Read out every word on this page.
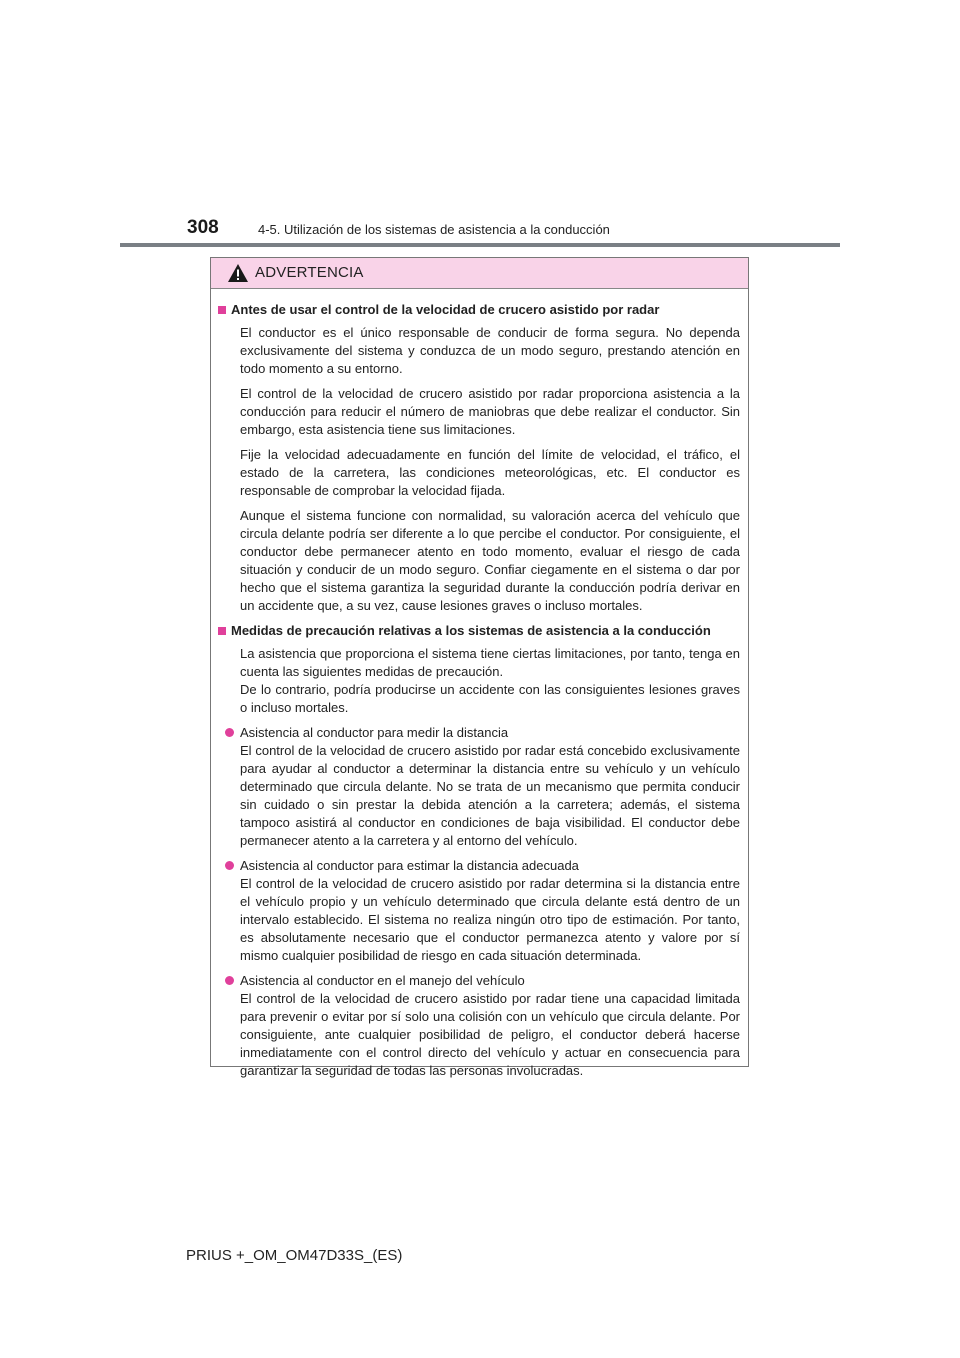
308	4-5. Utilización de los sistemas de asistencia a la conducción
ADVERTENCIA
Antes de usar el control de la velocidad de crucero asistido por radar

El conductor es el único responsable de conducir de forma segura. No dependa exclusivamente del sistema y conduzca de un modo seguro, prestando atención en todo momento a su entorno.

El control de la velocidad de crucero asistido por radar proporciona asistencia a la conducción para reducir el número de maniobras que debe realizar el conductor. Sin embargo, esta asistencia tiene sus limitaciones.

Fije la velocidad adecuadamente en función del límite de velocidad, el tráfico, el estado de la carretera, las condiciones meteorológicas, etc. El conductor es responsable de comprobar la velocidad fijada.

Aunque el sistema funcione con normalidad, su valoración acerca del vehículo que circula delante podría ser diferente a lo que percibe el conductor. Por consiguiente, el conductor debe permanecer atento en todo momento, evaluar el riesgo de cada situación y conducir de un modo seguro. Confiar ciegamente en el sistema o dar por hecho que el sistema garantiza la seguridad durante la conducción podría derivar en un accidente que, a su vez, cause lesiones graves o incluso mortales.

Medidas de precaución relativas a los sistemas de asistencia a la conducción

La asistencia que proporciona el sistema tiene ciertas limitaciones, por tanto, tenga en cuenta las siguientes medidas de precaución.

De lo contrario, podría producirse un accidente con las consiguientes lesiones graves o incluso mortales.

Asistencia al conductor para medir la distancia
El control de la velocidad de crucero asistido por radar está concebido exclusivamente para ayudar al conductor a determinar la distancia entre su vehículo y un vehículo determinado que circula delante. No se trata de un mecanismo que permita conducir sin cuidado o sin prestar la debida atención a la carretera; además, el sistema tampoco asistirá al conductor en condiciones de baja visibilidad. El conductor debe permanecer atento a la carretera y al entorno del vehículo.
Asistencia al conductor para estimar la distancia adecuada
El control de la velocidad de crucero asistido por radar determina si la distancia entre el vehículo propio y un vehículo determinado que circula delante está dentro de un intervalo establecido. El sistema no realiza ningún otro tipo de estimación. Por tanto, es absolutamente necesario que el conductor permanezca atento y valore por sí mismo cualquier posibilidad de riesgo en cada situación determinada.
Asistencia al conductor en el manejo del vehículo
El control de la velocidad de crucero asistido por radar tiene una capacidad limitada para prevenir o evitar por sí solo una colisión con un vehículo que circula delante. Por consiguiente, ante cualquier posibilidad de peligro, el conductor deberá hacerse inmediatamente con el control directo del vehículo y actuar en consecuencia para garantizar la seguridad de todas las personas involucradas.
PRIUS +_OM_OM47D33S_(ES)
